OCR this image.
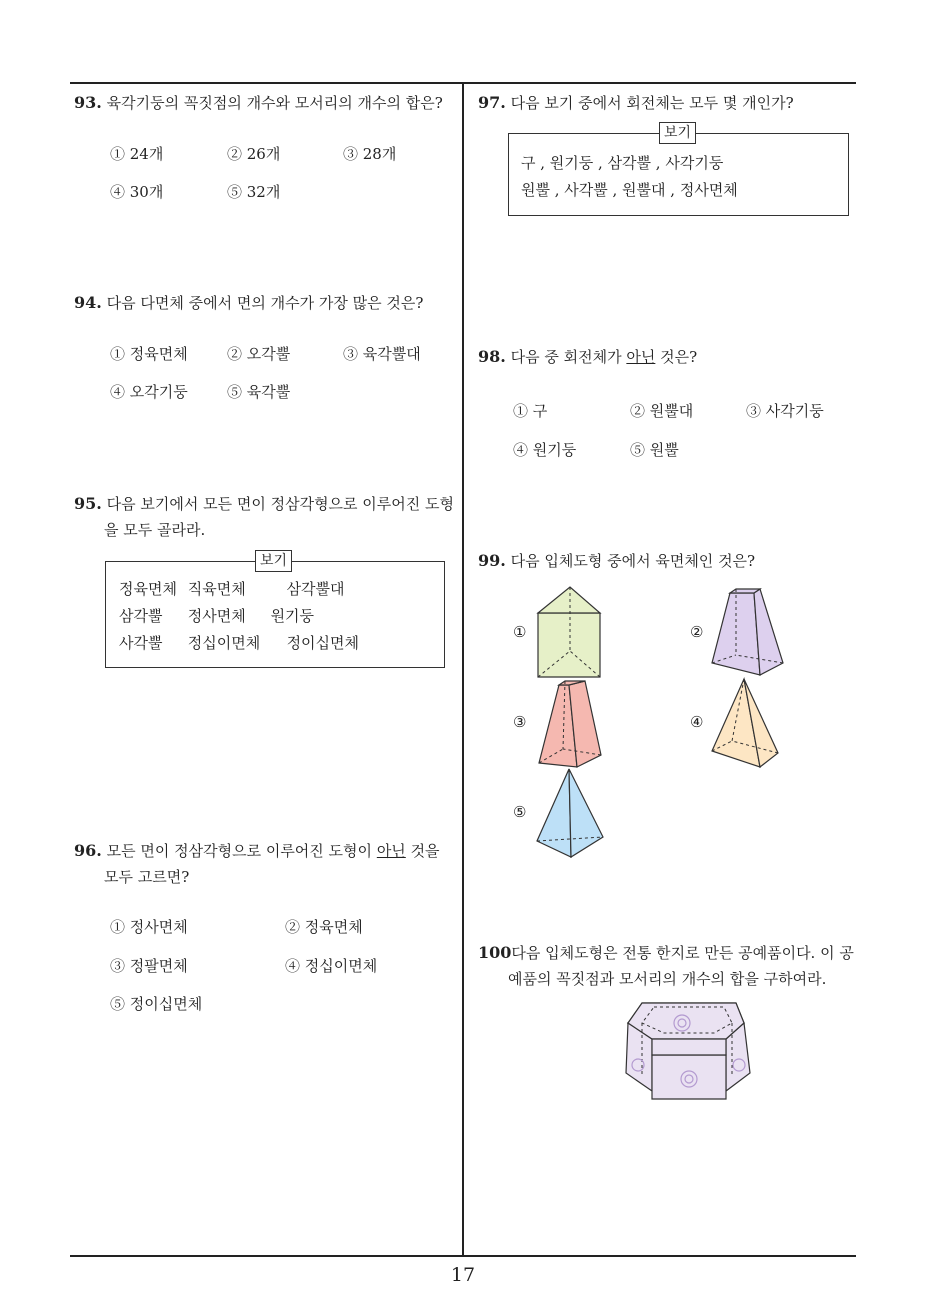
93. 육각기둥의 꼭짓점의 개수와 모서리의 개수의 합은?
① 24개	② 26개	③ 28개
④ 30개	⑤ 32개
94. 다음 다면체 중에서 면의 개수가 가장 많은 것은?
① 정육면체	② 오각뿔	③ 육각뿔대
④ 오각기둥	⑤ 육각뿔
95. 다음 보기에서 모든 면이 정삼각형으로 이루어진 도형
을 모두 골라라.
정육면체 직육면체	삼각뿔대
삼각뿔 정사면체 원기둥
사각뿔 정십이면체 정이십면체
보기
96. 모든 면이 정삼각형으로 이루어진 도형이 아닌 것을
모두 고르면?
① 정사면체	② 정육면체
③ 정팔면체	④ 정십이면체
⑤ 정이십면체
97. 다음 보기 중에서 회전체는 모두 몇 개인가?
구 , 원기둥 , 삼각뿔 , 사각기둥
원뿔 , 사각뿔 , 원뿔대 , 정사면체
보기
98. 다음 중 회전체가 아닌 것은?
① 구	② 원뿔대	③ 사각기둥
④ 원기둥	⑤ 원뿔
99. 다음 입체도형 중에서 육면체인 것은?
①	②
③	④
⑤
100다음 입체도형은 전통 한지로 만든 공예품이다. 이 공
예품의 꼭짓점과 모서리의 개수의 합을 구하여라.
17
